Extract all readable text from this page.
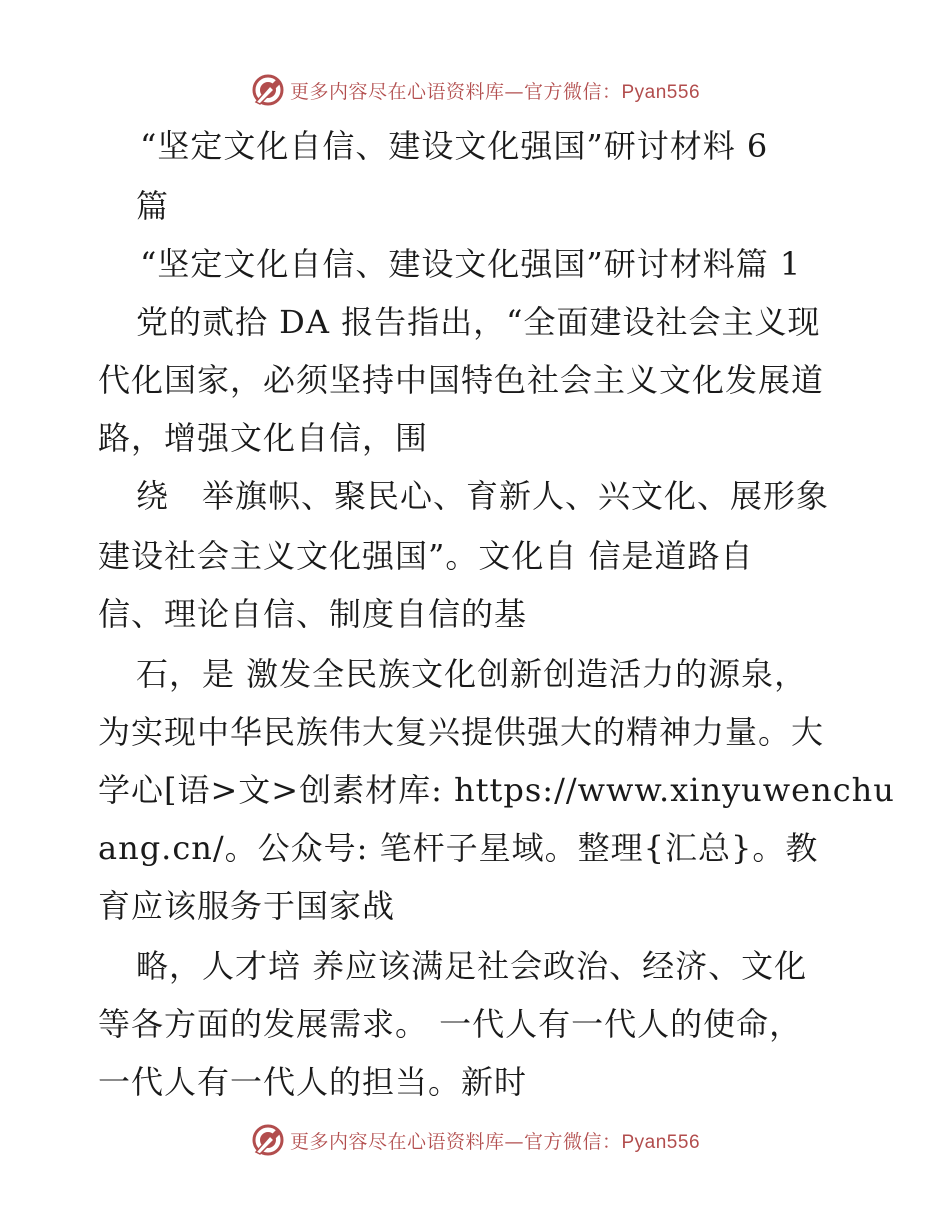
更多内容尽在心语资料库—官方微信：Pyan556
“坚定文化自信、建设文化强国”研讨材料 6
篇
“坚定文化自信、建设文化强国”研讨材料篇 1
党的贰拾 DA 报告指出，“全面建设社会主义现
代化国家，必须坚持中国特色社会主义文化发展道
路，增强文化自信，围
绕　举旗帜、聚民心、育新人、兴文化、展形象
建设社会主义文化强国”。文化自 信是道路自
信、理论自信、制度自信的基
石，是 激发全民族文化创新创造活力的源泉，
为实现中华民族伟大复兴提供强大的精神力量。大
学心[语>文>创素材库: https://www.xinyuwenchu
ang.cn/。公众号: 笔杆子星域。整理{汇总}。教
育应该服务于国家战
略，人才培 养应该满足社会政治、经济、文化
等各方面的发展需求。 一代人有一代人的使命，
一代人有一代人的担当。新时
更多内容尽在心语资料库—官方微信：Pyan556
